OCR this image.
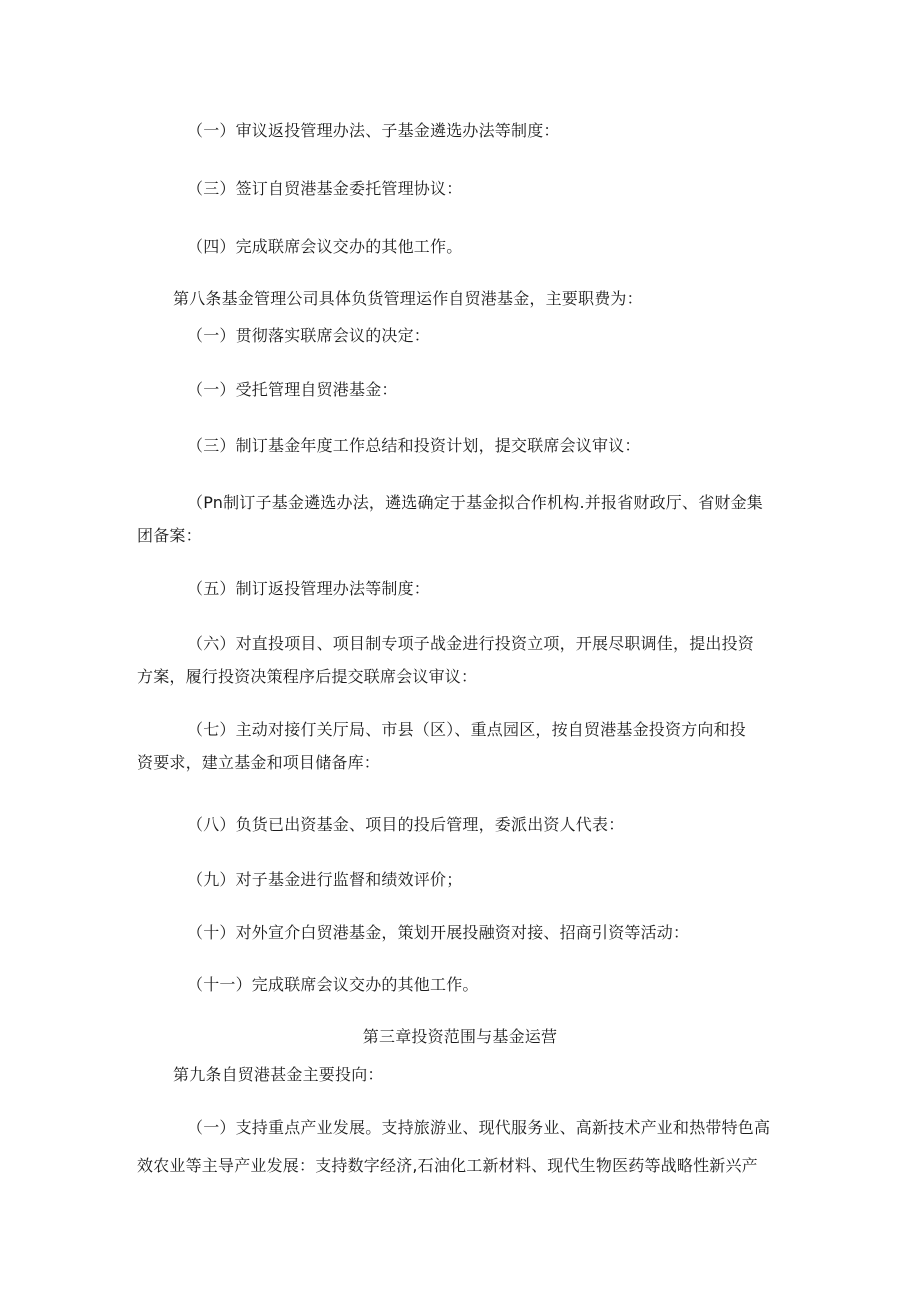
（一）审议返投管理办法、子基金遴选办法等制度：
（三）签订自贸港基金委托管理协议：
（四）完成联席会议交办的其他工作。
第八条基金管理公司具体负货管理运作自贸港基金，主要职费为：
（一）贯彻落实联席会议的决定：
（一）受托管理自贸港基金：
（三）制订基金年度工作总结和投资计划，提交联席会议审议：
（Pn制订子基金遴选办法，遴选确定于基金拟合作机构.并报省财政厅、省财金集
团备案：
（五）制订返投管理办法等制度：
（六）对直投项目、项目制专项子战金进行投资立项，开展尽职调佳，提出投资
方案，履行投资决策程序后提交联席会议审议：
（七）主动对接仃关厅局、市县（区）、重点园区，按自贸港基金投资方向和投
资要求，建立基金和项目储备库：
（八）负货已出资基金、项目的投后管理，委派出资人代表：
（九）对子基金进行监督和绩效评价；
（十）对外宣介白贸港基金，策划开展投融资对接、招商引资等活动：
（十一）完成联席会议交办的其他工作。
第三章投资范围与基金运营
第九条自贸港甚金主要投向：
（一）支持重点产业发展。支持旅游业、现代服务业、高新技术产业和热带特色高
效农业等主导产业发展：支持数字经济,石油化工新材料、现代生物医药等战略性新兴产
